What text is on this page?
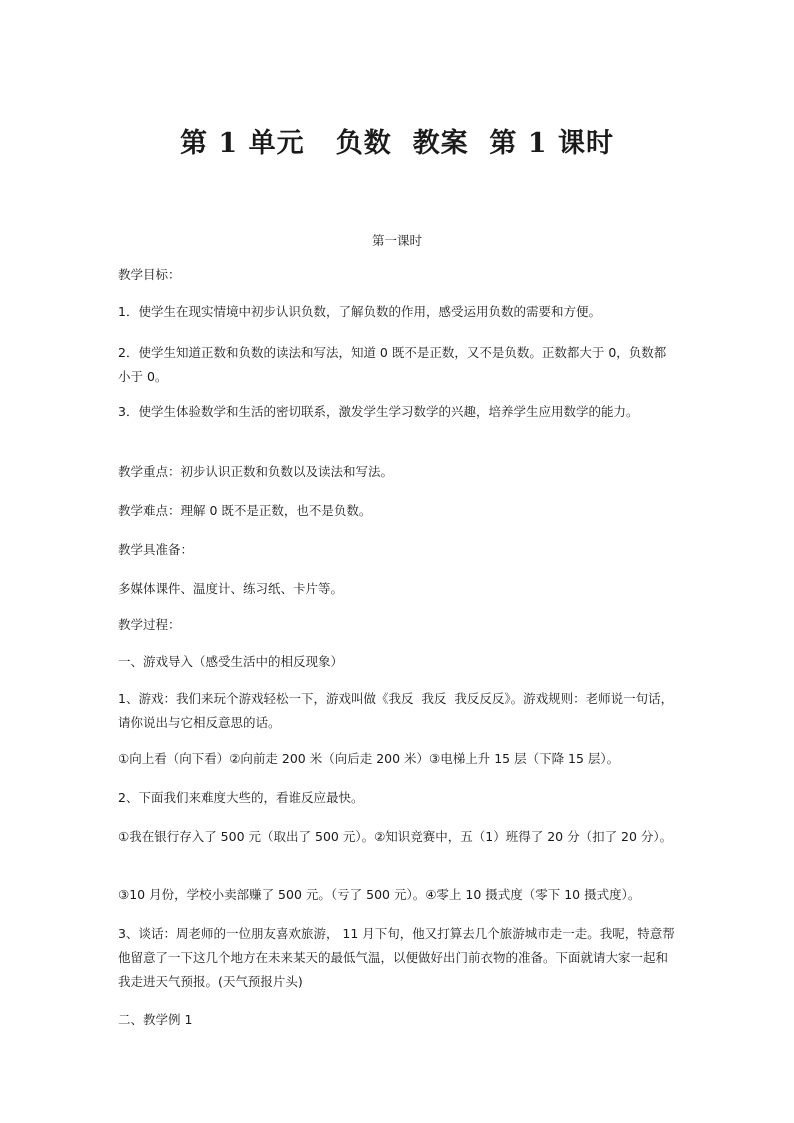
第 1 单元   负数  教案  第 1 课时
第一课时

教学目标：

1．使学生在现实情境中初步认识负数，了解负数的作用，感受运用负数的需要和方便。

2．使学生知道正数和负数的读法和写法，知道 0 既不是正数，又不是负数。正数都大于 0，负数都小于 0。

3．使学生体验数学和生活的密切联系，激发学生学习数学的兴趣，培养学生应用数学的能力。

教学重点：初步认识正数和负数以及读法和写法。

教学难点：理解 0 既不是正数，也不是负数。

教学具准备：

多媒体课件、温度计、练习纸、卡片等。

教学过程：

一、游戏导入（感受生活中的相反现象）

1、游戏：我们来玩个游戏轻松一下，游戏叫做《我反  我反  我反反反》。游戏规则：老师说一句话，请你说出与它相反意思的话。

①向上看（向下看）②向前走 200 米（向后走 200 米）③电梯上升 15 层（下降 15 层）。

2、下面我们来难度大些的，看谁反应最快。

①我在银行存入了 500 元（取出了 500 元）。②知识竞赛中，五（1）班得了 20 分（扣了 20 分）。

③10 月份，学校小卖部赚了 500 元。（亏了 500 元）。④零上 10 摄式度（零下 10 摄式度）。

3、谈话：周老师的一位朋友喜欢旅游， 11 月下旬，他又打算去几个旅游城市走一走。我呢，特意帮他留意了一下这几个地方在未来某天的最低气温，以便做好出门前衣物的准备。下面就请大家一起和我走进天气预报。(天气预报片头)

二、教学例 1
